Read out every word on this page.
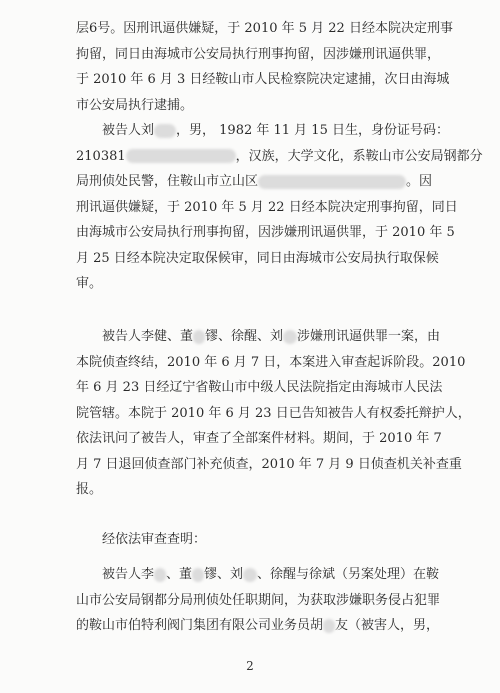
层6号。因刑讯逼供嫌疑，于 2010 年 5 月 22 日经本院决定刑事
拘留，同日由海城市公安局执行刑事拘留，因涉嫌刑讯逼供罪，
于 2010 年 6 月 3 日经鞍山市人民检察院决定逮捕，次日由海城
市公安局执行逮捕。
被告人刘 ，男， 1982 年 11 月 15 日生，身份证号码：
210381	，汉族，大学文化，系鞍山市公安局钢都分
局刑侦处民警，住鞍山市立山区	。因
刑讯逼供嫌疑，于 2010 年 5 月 22 日经本院决定刑事拘留，同日
由海城市公安局执行刑事拘留，因涉嫌刑讯逼供罪，于 2010 年 5
月 25 日经本院决定取保候审，同日由海城市公安局执行取保候
审。
被告人李健、董 镠、徐醒、刘 涉嫌刑讯逼供罪一案，由
本院侦查终结，2010 年 6 月 7 日，本案进入审查起诉阶段。2010
年 6 月 23 日经辽宁省鞍山市中级人民法院指定由海城市人民法
院管辖。本院于 2010 年 6 月 23 日已告知被告人有权委托辩护人，
依法讯问了被告人，审查了全部案件材料。期间，于 2010 年 7
月 7 日退回侦查部门补充侦查，2010 年 7 月 9 日侦查机关补查重
报。
经依法审查查明：
被告人李 、董 镠、刘 、徐醒与徐斌（另案处理）在鞍
山市公安局钢都分局刑侦处任职期间，为获取涉嫌职务侵占犯罪
的鞍山市伯特利阀门集团有限公司业务员胡 友（被害人，男，
2
